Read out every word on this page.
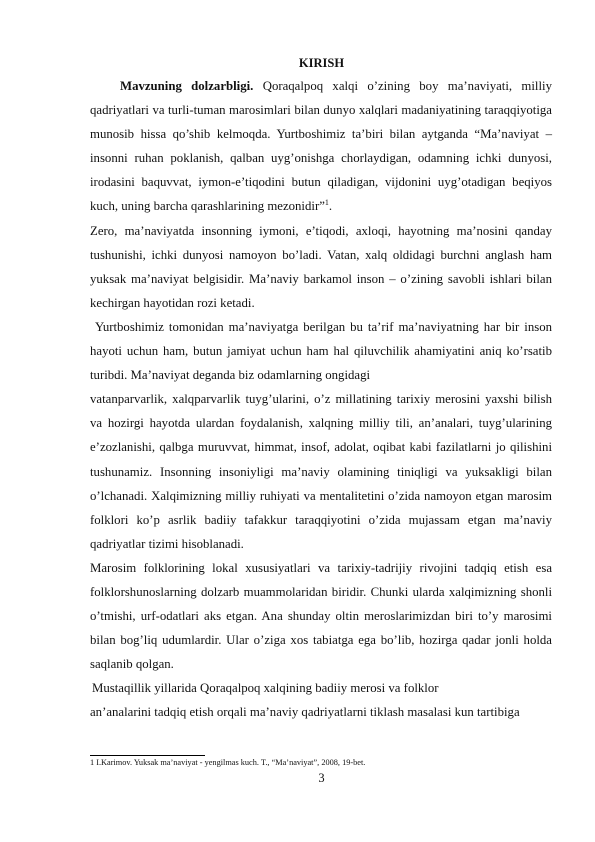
KIRISH

Mavzuning dolzarbligi. Qoraqalpoq xalqi o’zining boy ma’naviyati, milliy qadriyatlari va turli-tuman marosimlari bilan dunyo xalqlari madaniyatining taraqqiyotiga munosib hissa qo’shib kelmoqda. Yurtboshimiz ta’biri bilan aytganda “Ma’naviyat – insonni ruhan poklanish, qalban uyg’onishga chorlaydigan, odamning ichki dunyosi, irodasini baquvvat, iymon-e’tiqodini butun qiladigan, vijdonini uyg’otadigan beqiyos kuch, uning barcha qarashlarining mezonidir”$^1$.

Zero, ma’naviyatda insonning iymoni, e’tiqodi, axloqi, hayotning ma’nosini qanday tushunishi, ichki dunyosi namoyon bo’ladi. Vatan, xalq oldidagi burchni anglash ham yuksak ma’naviyat belgisidir. Ma’naviy barkamol inson – o’zining savobli ishlari bilan kechirgan hayotidan rozi ketadi.

Yurtboshimiz tomonidan ma’naviyatga berilgan bu ta’rif ma’naviyatning har bir inson hayoti uchun ham, butun jamiyat uchun ham hal qiluvchilik ahamiyatini aniq ko’rsatib turibdi. Ma’naviyat deganda biz odamlarning ongidagi

vatanparvarlik, xalqparvarlik tuyg’ularini, o’z millatining tarixiy merosini yaxshi bilish va hozirgi hayotda ulardan foydalanish, xalqning milliy tili, an’analari, tuyg’ularining e’zozlanishi, qalbga muruvvat, himmat, insof, adolat, oqibat kabi fazilatlarni jo qilishini tushunamiz. Insonning insoniyligi ma’naviy olamining tiniqligi va yuksakligi bilan o’lchanadi. Xalqimizning milliy ruhiyati va mentalitetini o’zida namoyon etgan marosim folklori ko’p asrlik badiiy tafakkur taraqqiyotini o’zida mujassam etgan ma’naviy qadriyatlar tizimi hisoblanadi.

Marosim folklorining lokal xususiyatlari va tarixiy-tadrijiy rivojini tadqiq etish esa folklorshunoslarning dolzarb muammolaridan biridir. Chunki ularda xalqimizning shonli o’tmishi, urf-odatlari aks etgan. Ana shunday oltin meroslarimizdan biri to’y marosimi bilan bog’liq udumlardir. Ular o’ziga xos tabiatga ega bo’lib, hozirga qadar jonli holda saqlanib qolgan.

Mustaqillik yillarida Qoraqalpoq xalqining badiiy merosi va folklor

an’analarini tadqiq etish orqali ma’naviy qadriyatlarni tiklash masalasi kun tartibiga

1 I.Karimov. Yuksak ma’naviyat - yengilmas kuch. T., “Ma’naviyat”, 2008, 19-bet.
3
